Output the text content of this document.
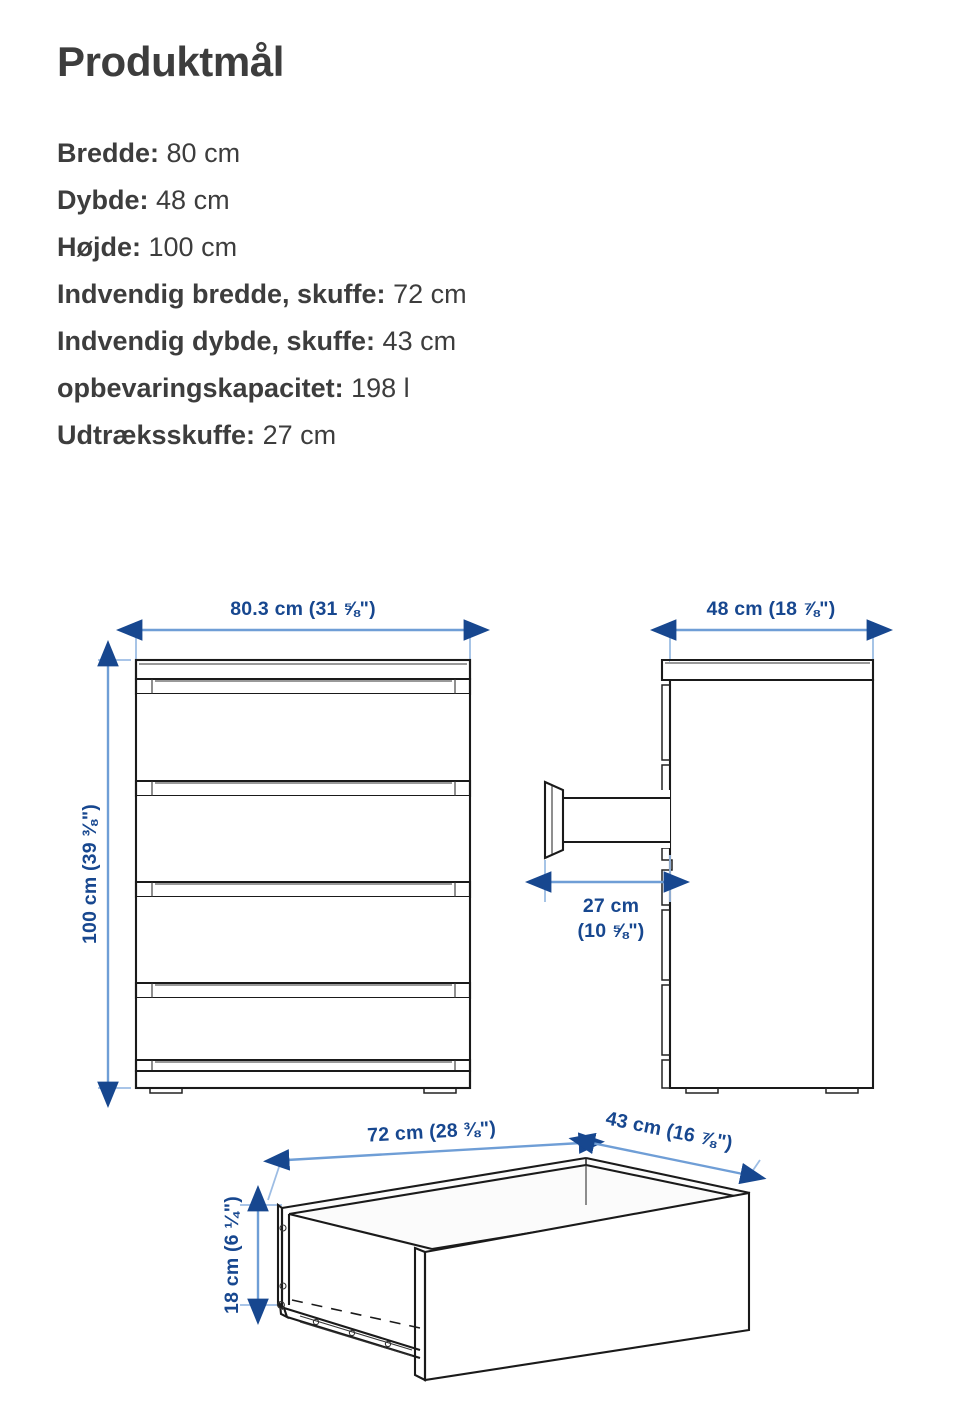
Produktmål
Bredde: 80 cm
Dybde: 48 cm
Højde: 100 cm
Indvendig bredde, skuffe: 72 cm
Indvendig dybde, skuffe: 43 cm
opbevaringskapacitet: 198 l
Udtræksskuffe: 27 cm
80.3 cm (31 ⅝")
100 cm (39 ⅜")
48 cm (18 ⅞")
27 cm
(10 ⅝")
72 cm (28 ⅜")	43 cm (16 ⅞")
18 cm (6 ¼")
